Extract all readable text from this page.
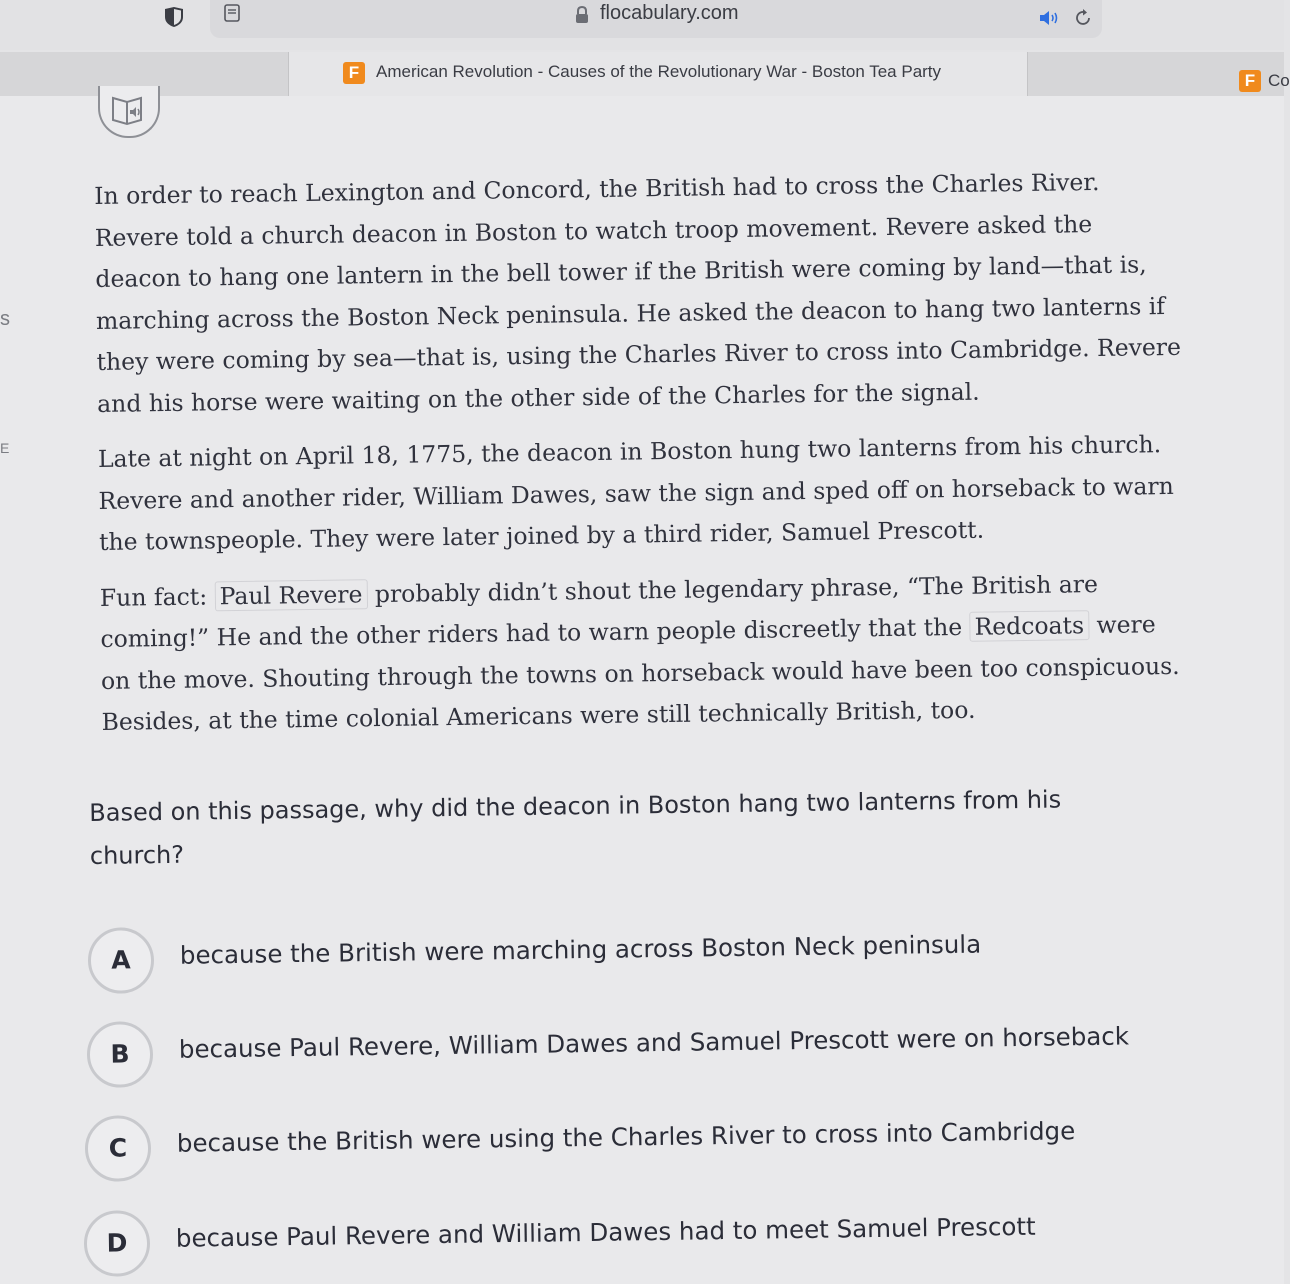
flocabulary.com
F American Revolution - Causes of the Revolutionary War - Boston Tea Party	F Co
s
E

In order to reach Lexington and Concord, the British had to cross the Charles River. Revere told a church deacon in Boston to watch troop movement. Revere asked the deacon to hang one lantern in the bell tower if the British were coming by land—that is, marching across the Boston Neck peninsula. He asked the deacon to hang two lanterns if they were coming by sea—that is, using the Charles River to cross into Cambridge. Revere and his horse were waiting on the other side of the Charles for the signal.

Late at night on April 18, 1775, the deacon in Boston hung two lanterns from his church. Revere and another rider, William Dawes, saw the sign and sped off on horseback to warn the townspeople. They were later joined by a third rider, Samuel Prescott.

Fun fact: Paul Revere probably didn’t shout the legendary phrase, “The British are coming!” He and the other riders had to warn people discreetly that the Redcoats were on the move. Shouting through the towns on horseback would have been too conspicuous. Besides, at the time colonial Americans were still technically British, too.

Based on this passage, why did the deacon in Boston hang two lanterns from his church?
A	because the British were marching across Boston Neck peninsula
B	because Paul Revere, William Dawes and Samuel Prescott were on horseback
C	because the British were using the Charles River to cross into Cambridge
D	because Paul Revere and William Dawes had to meet Samuel Prescott
